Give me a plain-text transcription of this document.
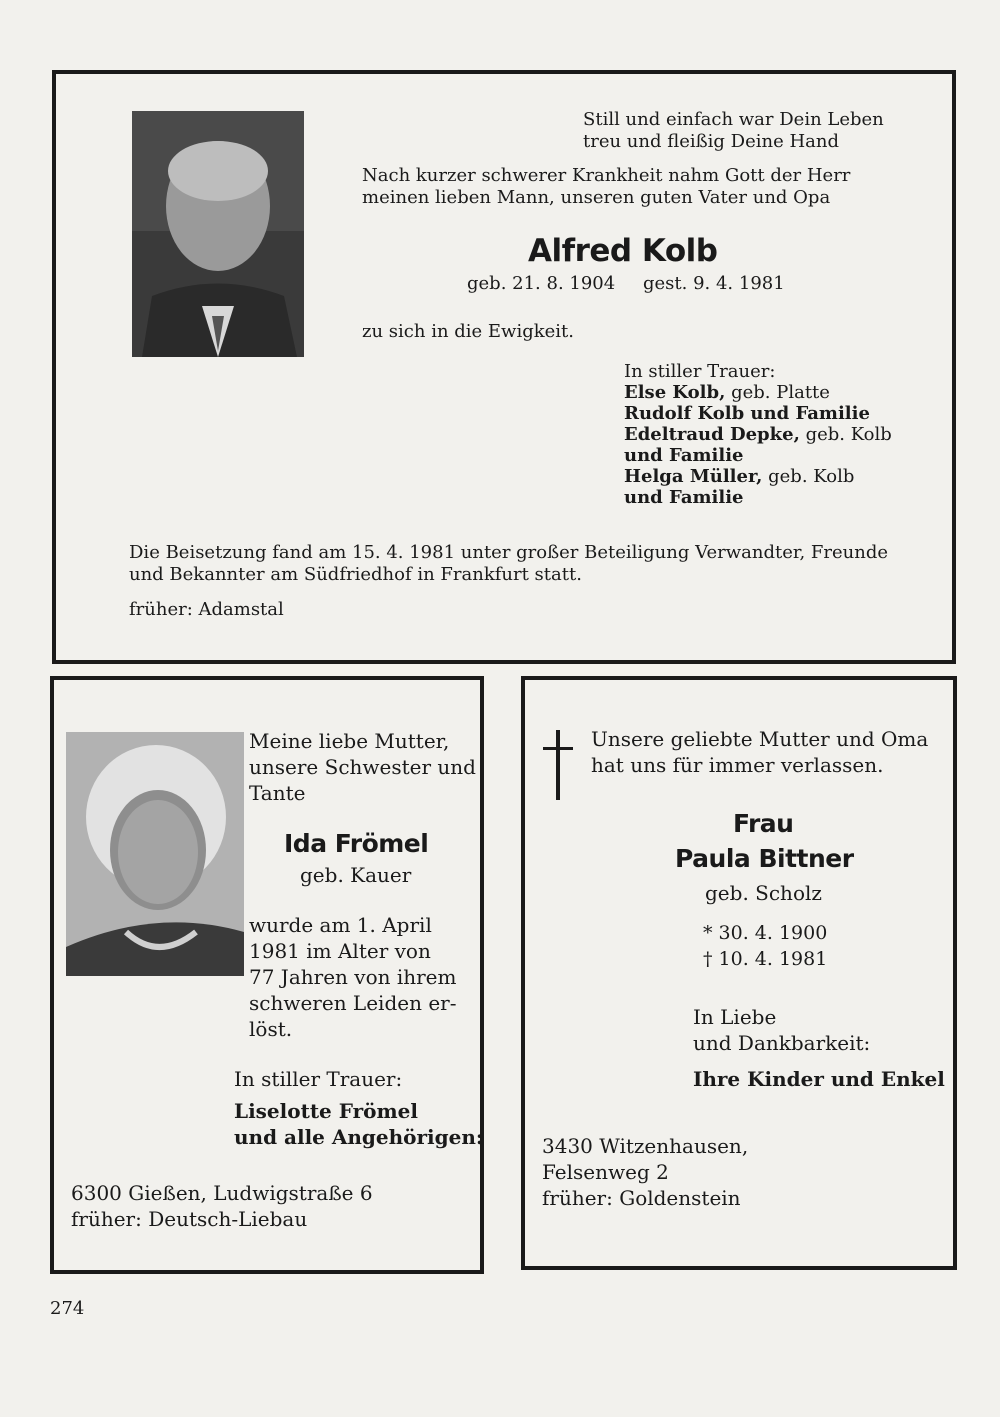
Still und einfach war Dein Leben
treu und fleißig Deine Hand
Nach kurzer schwerer Krankheit nahm Gott der Herr
meinen lieben Mann, unseren guten Vater und Opa
Alfred Kolb
geb. 21. 8. 1904 gest. 9. 4. 1981
zu sich in die Ewigkeit.
In stiller Trauer:
Else Kolb, geb. Platte
Rudolf Kolb und Familie
Edeltraud Depke, geb. Kolb
und Familie
Helga Müller, geb. Kolb
und Familie
Die Beisetzung fand am 15. 4. 1981 unter großer Beteiligung Verwandter, Freunde
und Bekannter am Südfriedhof in Frankfurt statt.
früher: Adamstal
Meine liebe Mutter,
unsere Schwester und
Tante
Ida Frömel
geb. Kauer
wurde am 1. April
1981 im Alter von
77 Jahren von ihrem
schweren Leiden er-
löst.
In stiller Trauer:
Liselotte Frömel
und alle Angehörigen:
6300 Gießen, Ludwigstraße 6
früher: Deutsch-Liebau
Unsere geliebte Mutter und Oma
hat uns für immer verlassen.
Frau
Paula Bittner
geb. Scholz
* 30. 4. 1900
† 10. 4. 1981
In Liebe
und Dankbarkeit:
Ihre Kinder und Enkel
3430 Witzenhausen,
Felsenweg 2
früher: Goldenstein
274
